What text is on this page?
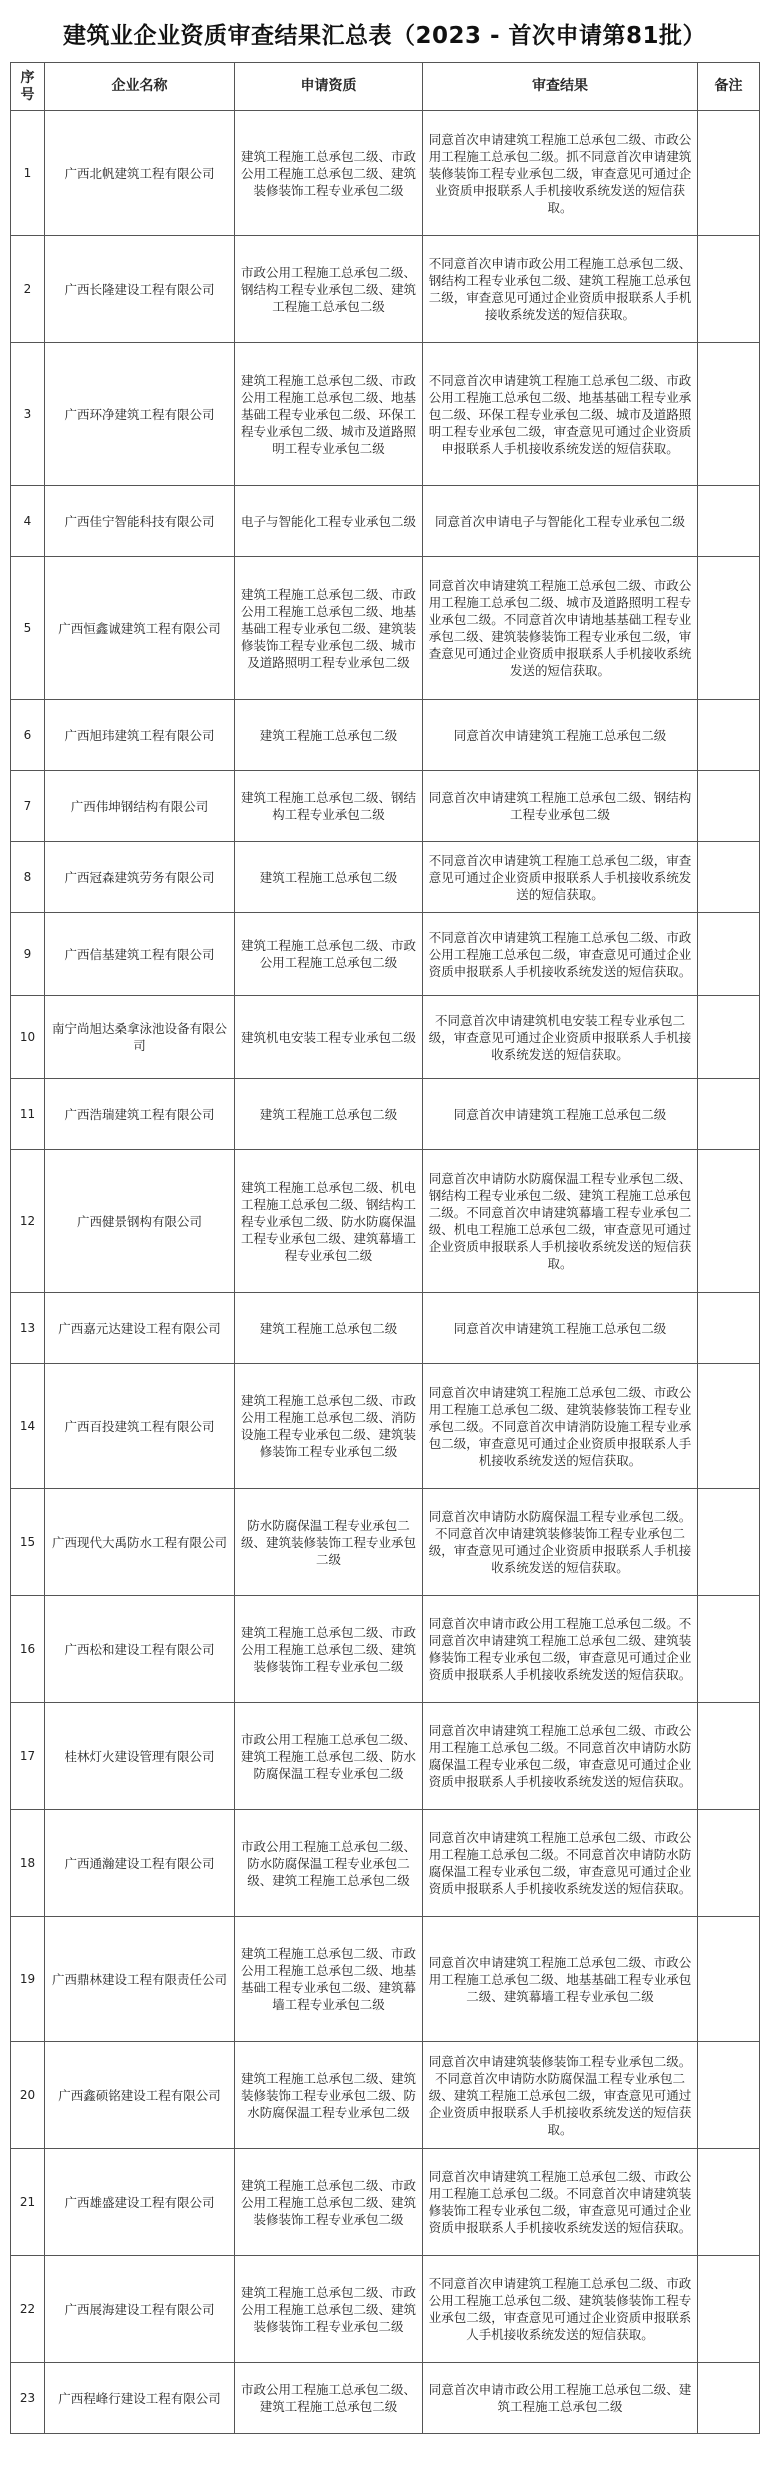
建筑业企业资质审查结果汇总表（2023 - 首次申请第81批）
序号	企业名称	申请资质	审查结果	备注
1	广西北帆建筑工程有限公司	建筑工程施工总承包二级、市政公用工程施工总承包二级、建筑装修装饰工程专业承包二级	同意首次申请建筑工程施工总承包二级、市政公用工程施工总承包二级。抓不同意首次申请建筑装修装饰工程专业承包二级，审查意见可通过企业资质申报联系人手机接收系统发送的短信获取。	
2	广西长隆建设工程有限公司	市政公用工程施工总承包二级、钢结构工程专业承包二级、建筑工程施工总承包二级	不同意首次申请市政公用工程施工总承包二级、钢结构工程专业承包二级、建筑工程施工总承包二级，审查意见可通过企业资质申报联系人手机接收系统发送的短信获取。	
3	广西环净建筑工程有限公司	建筑工程施工总承包二级、市政公用工程施工总承包二级、地基基础工程专业承包二级、环保工程专业承包二级、城市及道路照明工程专业承包二级	不同意首次申请建筑工程施工总承包二级、市政公用工程施工总承包二级、地基基础工程专业承包二级、环保工程专业承包二级、城市及道路照明工程专业承包二级，审查意见可通过企业资质申报联系人手机接收系统发送的短信获取。	
4	广西佳宁智能科技有限公司	电子与智能化工程专业承包二级	同意首次申请电子与智能化工程专业承包二级	
5	广西恒鑫诚建筑工程有限公司	建筑工程施工总承包二级、市政公用工程施工总承包二级、地基基础工程专业承包二级、建筑装修装饰工程专业承包二级、城市及道路照明工程专业承包二级	同意首次申请建筑工程施工总承包二级、市政公用工程施工总承包二级、城市及道路照明工程专业承包二级。不同意首次申请地基基础工程专业承包二级、建筑装修装饰工程专业承包二级，审查意见可通过企业资质申报联系人手机接收系统发送的短信获取。	
6	广西旭玮建筑工程有限公司	建筑工程施工总承包二级	同意首次申请建筑工程施工总承包二级	
7	广西伟坤钢结构有限公司	建筑工程施工总承包二级、钢结构工程专业承包二级	同意首次申请建筑工程施工总承包二级、钢结构工程专业承包二级	
8	广西冠森建筑劳务有限公司	建筑工程施工总承包二级	不同意首次申请建筑工程施工总承包二级，审查意见可通过企业资质申报联系人手机接收系统发送的短信获取。	
9	广西信基建筑工程有限公司	建筑工程施工总承包二级、市政公用工程施工总承包二级	不同意首次申请建筑工程施工总承包二级、市政公用工程施工总承包二级，审查意见可通过企业资质申报联系人手机接收系统发送的短信获取。	
10	南宁尚旭达桑拿泳池设备有限公司	建筑机电安装工程专业承包二级	不同意首次申请建筑机电安装工程专业承包二级，审查意见可通过企业资质申报联系人手机接收系统发送的短信获取。	
11	广西浩瑞建筑工程有限公司	建筑工程施工总承包二级	同意首次申请建筑工程施工总承包二级	
12	广西健景钢构有限公司	建筑工程施工总承包二级、机电工程施工总承包二级、钢结构工程专业承包二级、防水防腐保温工程专业承包二级、建筑幕墙工程专业承包二级	同意首次申请防水防腐保温工程专业承包二级、钢结构工程专业承包二级、建筑工程施工总承包二级。不同意首次申请建筑幕墙工程专业承包二级、机电工程施工总承包二级，审查意见可通过企业资质申报联系人手机接收系统发送的短信获取。	
13	广西嘉元达建设工程有限公司	建筑工程施工总承包二级	同意首次申请建筑工程施工总承包二级	
14	广西百投建筑工程有限公司	建筑工程施工总承包二级、市政公用工程施工总承包二级、消防设施工程专业承包二级、建筑装修装饰工程专业承包二级	同意首次申请建筑工程施工总承包二级、市政公用工程施工总承包二级、建筑装修装饰工程专业承包二级。不同意首次申请消防设施工程专业承包二级，审查意见可通过企业资质申报联系人手机接收系统发送的短信获取。	
15	广西现代大禹防水工程有限公司	防水防腐保温工程专业承包二级、建筑装修装饰工程专业承包二级	同意首次申请防水防腐保温工程专业承包二级。不同意首次申请建筑装修装饰工程专业承包二级，审查意见可通过企业资质申报联系人手机接收系统发送的短信获取。	
16	广西松和建设工程有限公司	建筑工程施工总承包二级、市政公用工程施工总承包二级、建筑装修装饰工程专业承包二级	同意首次申请市政公用工程施工总承包二级。不同意首次申请建筑工程施工总承包二级、建筑装修装饰工程专业承包二级，审查意见可通过企业资质申报联系人手机接收系统发送的短信获取。	
17	桂林灯火建设管理有限公司	市政公用工程施工总承包二级、建筑工程施工总承包二级、防水防腐保温工程专业承包二级	同意首次申请建筑工程施工总承包二级、市政公用工程施工总承包二级。不同意首次申请防水防腐保温工程专业承包二级，审查意见可通过企业资质申报联系人手机接收系统发送的短信获取。	
18	广西通瀚建设工程有限公司	市政公用工程施工总承包二级、防水防腐保温工程专业承包二级、建筑工程施工总承包二级	同意首次申请建筑工程施工总承包二级、市政公用工程施工总承包二级。不同意首次申请防水防腐保温工程专业承包二级，审查意见可通过企业资质申报联系人手机接收系统发送的短信获取。	
19	广西鼎林建设工程有限责任公司	建筑工程施工总承包二级、市政公用工程施工总承包二级、地基基础工程专业承包二级、建筑幕墙工程专业承包二级	同意首次申请建筑工程施工总承包二级、市政公用工程施工总承包二级、地基基础工程专业承包二级、建筑幕墙工程专业承包二级	
20	广西鑫硕铭建设工程有限公司	建筑工程施工总承包二级、建筑装修装饰工程专业承包二级、防水防腐保温工程专业承包二级	同意首次申请建筑装修装饰工程专业承包二级。不同意首次申请防水防腐保温工程专业承包二级、建筑工程施工总承包二级，审查意见可通过企业资质申报联系人手机接收系统发送的短信获取。	
21	广西雄盛建设工程有限公司	建筑工程施工总承包二级、市政公用工程施工总承包二级、建筑装修装饰工程专业承包二级	同意首次申请建筑工程施工总承包二级、市政公用工程施工总承包二级。不同意首次申请建筑装修装饰工程专业承包二级，审查意见可通过企业资质申报联系人手机接收系统发送的短信获取。	
22	广西展海建设工程有限公司	建筑工程施工总承包二级、市政公用工程施工总承包二级、建筑装修装饰工程专业承包二级	不同意首次申请建筑工程施工总承包二级、市政公用工程施工总承包二级、建筑装修装饰工程专业承包二级，审查意见可通过企业资质申报联系人手机接收系统发送的短信获取。	
23	广西程峰行建设工程有限公司	市政公用工程施工总承包二级、建筑工程施工总承包二级	同意首次申请市政公用工程施工总承包二级、建筑工程施工总承包二级	
